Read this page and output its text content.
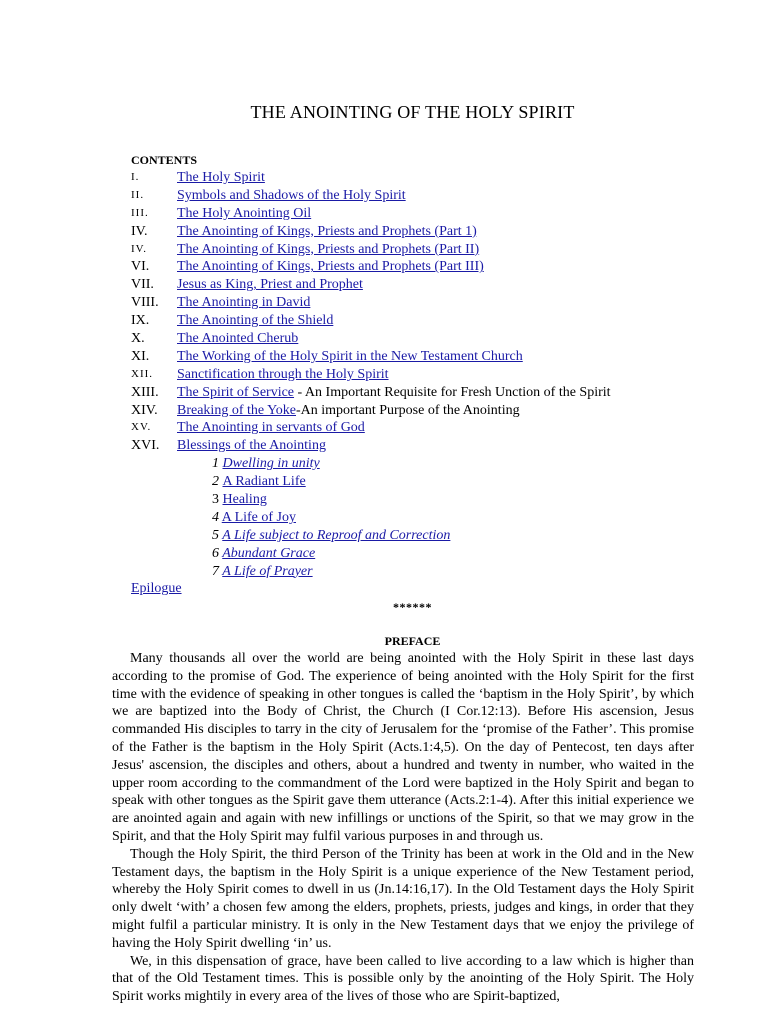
THE ANOINTING OF THE HOLY SPIRIT
CONTENTS
I.	The Holy Spirit
II. Symbols and Shadows of the Holy Spirit
III. The Holy Anointing Oil
IV. The Anointing of Kings, Priests and Prophets (Part 1)
IV. The Anointing of Kings, Priests and Prophets (Part II)
VI. The Anointing of Kings, Priests and Prophets (Part III)
VII. Jesus as King, Priest and Prophet
VIII. The Anointing in David
IX. The Anointing of the Shield
X. The Anointed Cherub
XI. The Working of the Holy Spirit in the New Testament Church
XII. Sanctification through the Holy Spirit
XIII. The Spirit of Service - An Important Requisite for Fresh Unction of the Spirit
XIV. Breaking of the Yoke-An important Purpose of the Anointing
XV. The Anointing in servants of God
XVI. Blessings of the Anointing
1 Dwelling in unity
2 A Radiant Life
3 Healing
4 A Life of Joy
5 A Life subject to Reproof and Correction
6 Abundant Grace
7 A Life of Prayer
Epilogue
******
PREFACE

Many thousands all over the world are being anointed with the Holy Spirit in these last days according to the promise of God. The experience of being anointed with the Holy Spirit for the first time with the evidence of speaking in other tongues is called the ‘baptism in the Holy Spirit’, by which we are baptized into the Body of Christ, the Church (I Cor.12:13). Before His ascension, Jesus commanded His disciples to tarry in the city of Jerusalem for the ‘promise of the Father’. This promise of the Father is the baptism in the Holy Spirit (Acts.1:4,5). On the day of Pentecost, ten days after Jesus' ascension, the disciples and others, about a hundred and twenty in number, who waited in the upper room according to the commandment of the Lord were baptized in the Holy Spirit and began to speak with other tongues as the Spirit gave them utterance (Acts.2:1-4). After this initial experience we are anointed again and again with new infillings or unctions of the Spirit, so that we may grow in the Spirit, and that the Holy Spirit may fulfil various purposes in and through us.

Though the Holy Spirit, the third Person of the Trinity has been at work in the Old and in the New Testament days, the baptism in the Holy Spirit is a unique experience of the New Testament period, whereby the Holy Spirit comes to dwell in us (Jn.14:16,17). In the Old Testament days the Holy Spirit only dwelt ‘with’ a chosen few among the elders, prophets, priests, judges and kings, in order that they might fulfil a particular ministry. It is only in the New Testament days that we enjoy the privilege of having the Holy Spirit dwelling ‘in’ us.

We, in this dispensation of grace, have been called to live according to a law which is higher than that of the Old Testament times. This is possible only by the anointing of the Holy Spirit. The Holy Spirit works mightily in every area of the lives of those who are Spirit-baptized,
